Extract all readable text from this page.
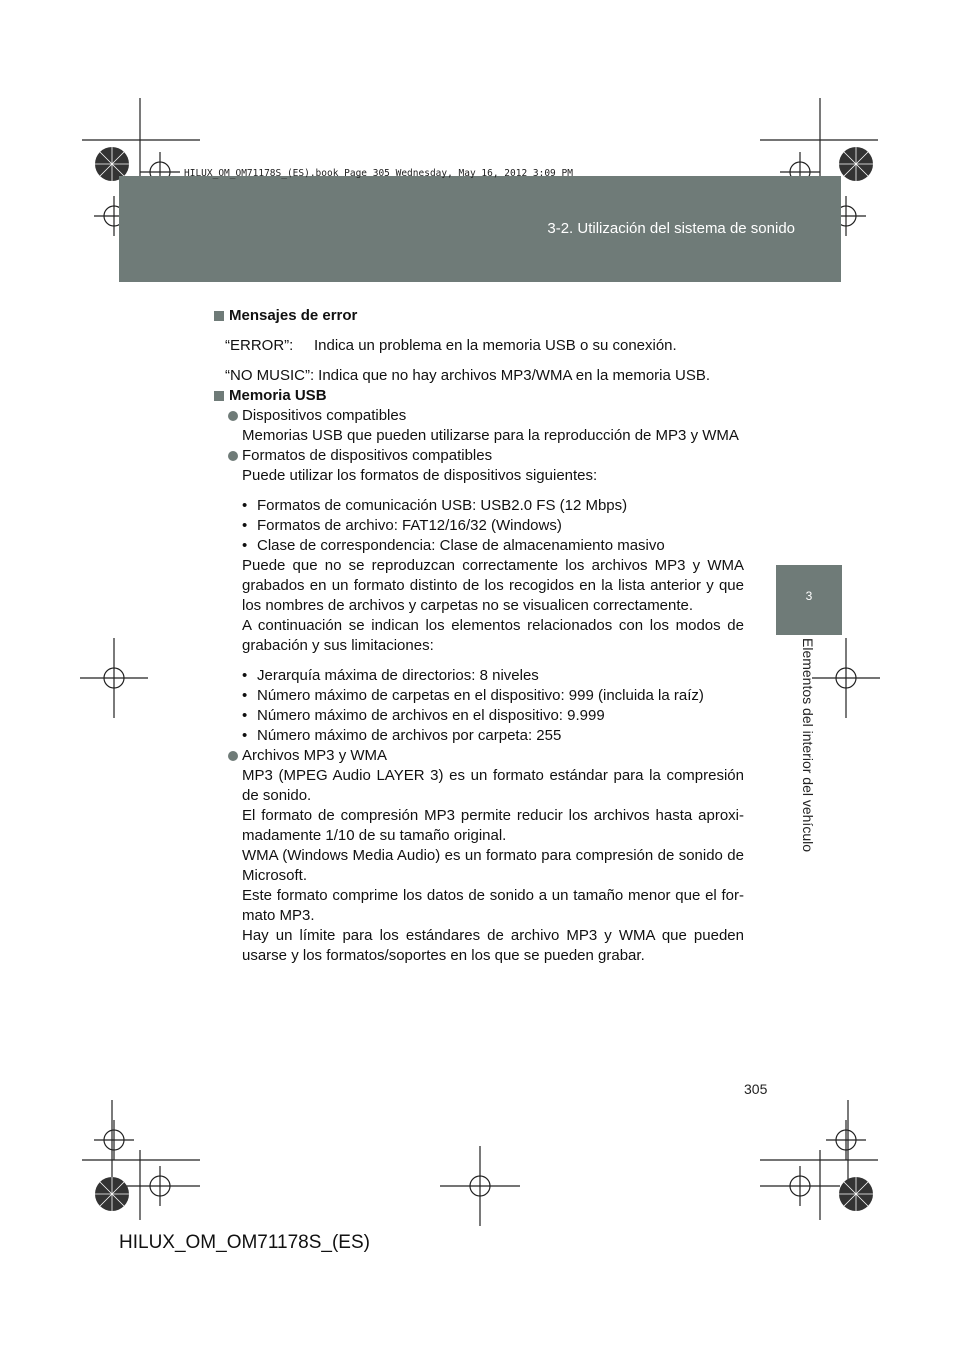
3-2. Utilización del sistema de sonido
HILUX_OM_OM71178S_(ES).book Page 305 Wednesday, May 16, 2012 3:09 PM
3
Elementos del interior del vehículo

Mensajes de error

“ERROR”:	Indica un problema en la memoria USB o su conexión.
“NO MUSIC”: Indica que no hay archivos MP3/WMA en la memoria USB.

Memoria USB

Dispositivos compatibles

Memorias USB que pueden utilizarse para la reproducción de MP3 y WMA

Formatos de dispositivos compatibles

Puede utilizar los formatos de dispositivos siguientes:

• Formatos de comunicación USB: USB2.0 FS (12 Mbps)
• Formatos de archivo: FAT12/16/32 (Windows)
• Clase de correspondencia: Clase de almacenamiento masivo

Puede que no se reproduzcan correctamente los archivos MP3 y WMA grabados en un formato distinto de los recogidos en la lista anterior y que los nombres de archivos y carpetas no se visualicen correctamente.

A continuación se indican los elementos relacionados con los modos de grabación y sus limitaciones:

• Jerarquía máxima de directorios: 8 niveles
• Número máximo de carpetas en el dispositivo: 999 (incluida la raíz)
• Número máximo de archivos en el dispositivo: 9.999
• Número máximo de archivos por carpeta: 255

Archivos MP3 y WMA

MP3 (MPEG Audio LAYER 3) es un formato estándar para la compresión de sonido.

El formato de compresión MP3 permite reducir los archivos hasta aproxi-madamente 1/10 de su tamaño original.

WMA (Windows Media Audio) es un formato para compresión de sonido de Microsoft.

Este formato comprime los datos de sonido a un tamaño menor que el for-mato MP3.

Hay un límite para los estándares de archivo MP3 y WMA que pueden usarse y los formatos/soportes en los que se pueden grabar.

305
HILUX_OM_OM71178S_(ES)
